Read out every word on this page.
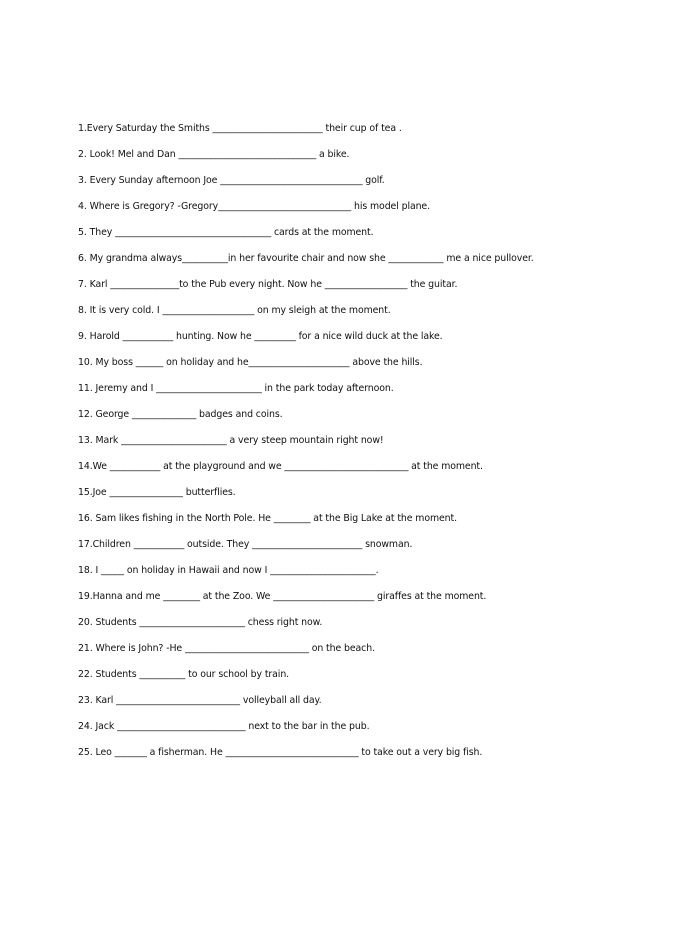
1.Every Saturday the Smiths ________________________ their cup of tea .
2. Look! Mel and Dan ______________________________ a bike.
3. Every Sunday afternoon Joe _______________________________ golf.
4. Where is Gregory? -Gregory_____________________________ his model plane.
5. They __________________________________ cards at the moment.
6. My grandma always__________in her favourite chair and now she ____________ me a nice pullover.
7. Karl _______________to the Pub every night. Now he __________________ the guitar.
8. It is very cold. I ____________________ on my sleigh at the moment.
9. Harold ___________ hunting. Now he _________ for a nice wild duck at the lake.
10. My boss ______ on holiday and he______________________ above the hills.
11. Jeremy and I _______________________ in the park today afternoon.
12. George ______________ badges and coins.
13. Mark _______________________ a very steep mountain right now!
14.We ___________ at the playground and we ___________________________ at the moment.
15.Joe ________________ butterflies.
16. Sam likes fishing in the North Pole. He ________ at the Big Lake at the moment.
17.Children ___________ outside. They ________________________ snowman.
18. I _____ on holiday in Hawaii and now I _______________________.
19.Hanna and me ________ at the Zoo. We ______________________ giraffes at the moment.
20. Students _______________________ chess right now.
21. Where is John? -He ___________________________ on the beach.
22. Students __________ to our school by train.
23. Karl ___________________________ volleyball all day.
24. Jack ____________________________ next to the bar in the pub.
25. Leo _______ a fisherman. He _____________________________ to take out a very big fish.
